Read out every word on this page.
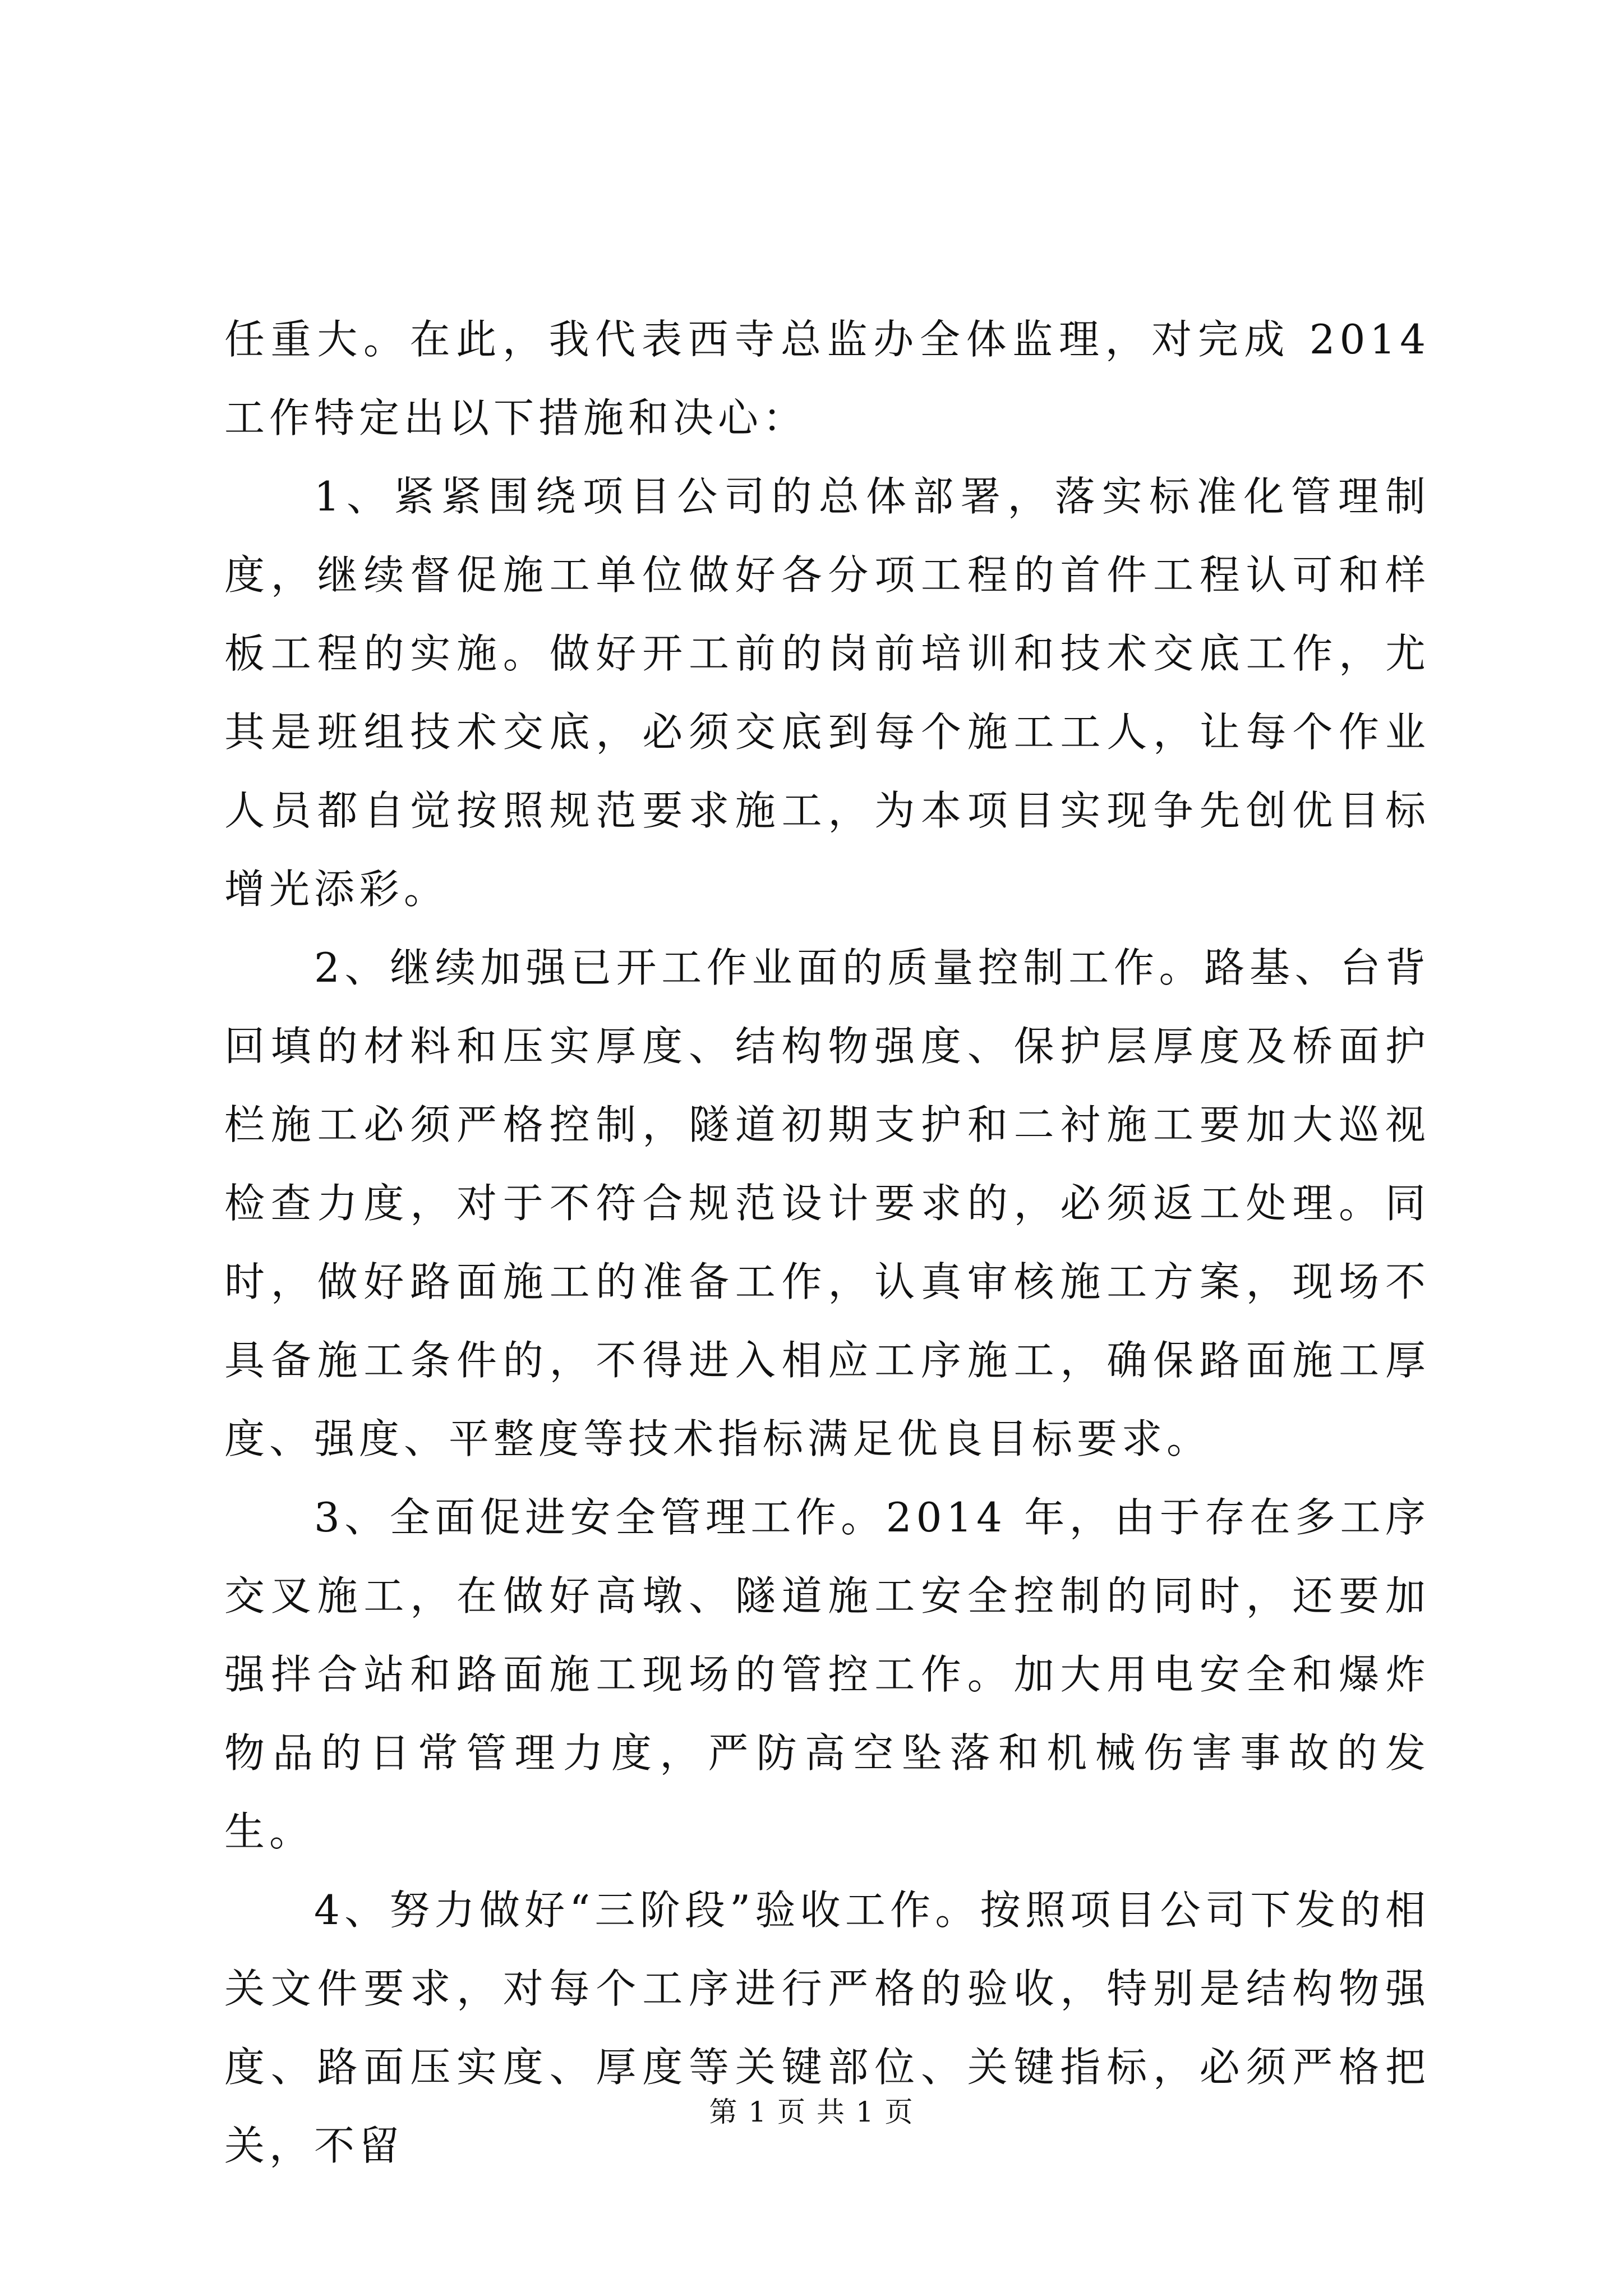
任重大。在此，我代表西寺总监办全体监理，对完成 2014 工作特定出以下措施和决心：

1、紧紧围绕项目公司的总体部署，落实标准化管理制度，继续督促施工单位做好各分项工程的首件工程认可和样板工程的实施。做好开工前的岗前培训和技术交底工作，尤其是班组技术交底，必须交底到每个施工工人，让每个作业人员都自觉按照规范要求施工，为本项目实现争先创优目标增光添彩。

2、继续加强已开工作业面的质量控制工作。路基、台背回填的材料和压实厚度、结构物强度、保护层厚度及桥面护栏施工必须严格控制，隧道初期支护和二衬施工要加大巡视检查力度，对于不符合规范设计要求的，必须返工处理。同时，做好路面施工的准备工作，认真审核施工方案，现场不具备施工条件的，不得进入相应工序施工，确保路面施工厚度、强度、平整度等技术指标满足优良目标要求。

3、全面促进安全管理工作。2014 年，由于存在多工序交叉施工，在做好高墩、隧道施工安全控制的同时，还要加强拌合站和路面施工现场的管控工作。加大用电安全和爆炸物品的日常管理力度，严防高空坠落和机械伤害事故的发生。

4、努力做好“三阶段”验收工作。按照项目公司下发的相关文件要求，对每个工序进行严格的验收，特别是结构物强度、路面压实度、厚度等关键部位、关键指标，必须严格把关，不留

第 1 页 共 1 页
